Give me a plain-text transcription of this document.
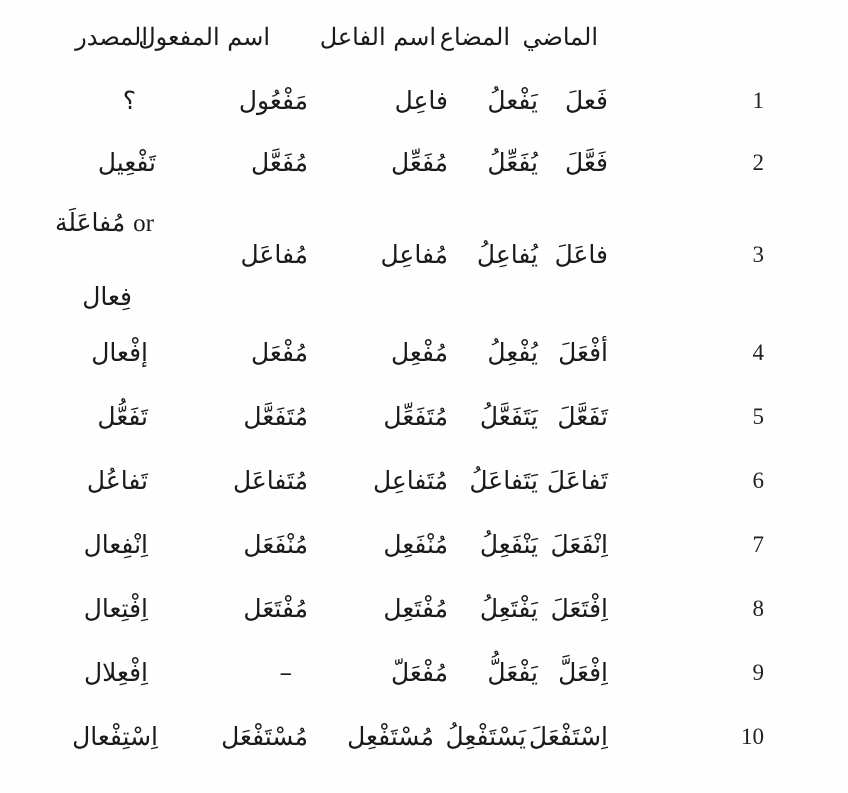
الماضي
المضاع
اسم الفاعل
اسم المفعول
المصدر
1
فَعلَ
يَفْعلُ
فاعِل
مَفْعُول
؟
2
فَعَّلَ
يُفَعِّلُ
مُفَعِّل
مُفَعَّل
تَفْعِيل
3
فاعَلَ
يُفاعِلُ
مُفاعِل
مُفاعَل
مُفاعَلَة or
فِعال
4
أفْعَلَ
يُفْعِلُ
مُفْعِل
مُفْعَل
إفْعال
5
تَفَعَّلَ
يَتَفَعَّلُ
مُتَفَعِّل
مُتَفَعَّل
تَفَعُّل
6
تَفاعَلَ
يَتَفاعَلُ
مُتَفاعِل
مُتَفاعَل
تَفاعُل
7
اِنْفَعَلَ
يَنْفَعِلُ
مُنْفَعِل
مُنْفَعَل
اِنْفِعال
8
اِفْتَعَلَ
يَفْتَعِلُ
مُفْتَعِل
مُفْتَعَل
اِفْتِعال
9
اِفْعَلَّ
يَفْعَلُّ
مُفْعَلّ
–
اِفْعِلال
10
اِسْتَفْعَلَ
يَسْتَفْعِلُ
مُسْتَفْعِل
مُسْتَفْعَل
اِسْتِفْعال
